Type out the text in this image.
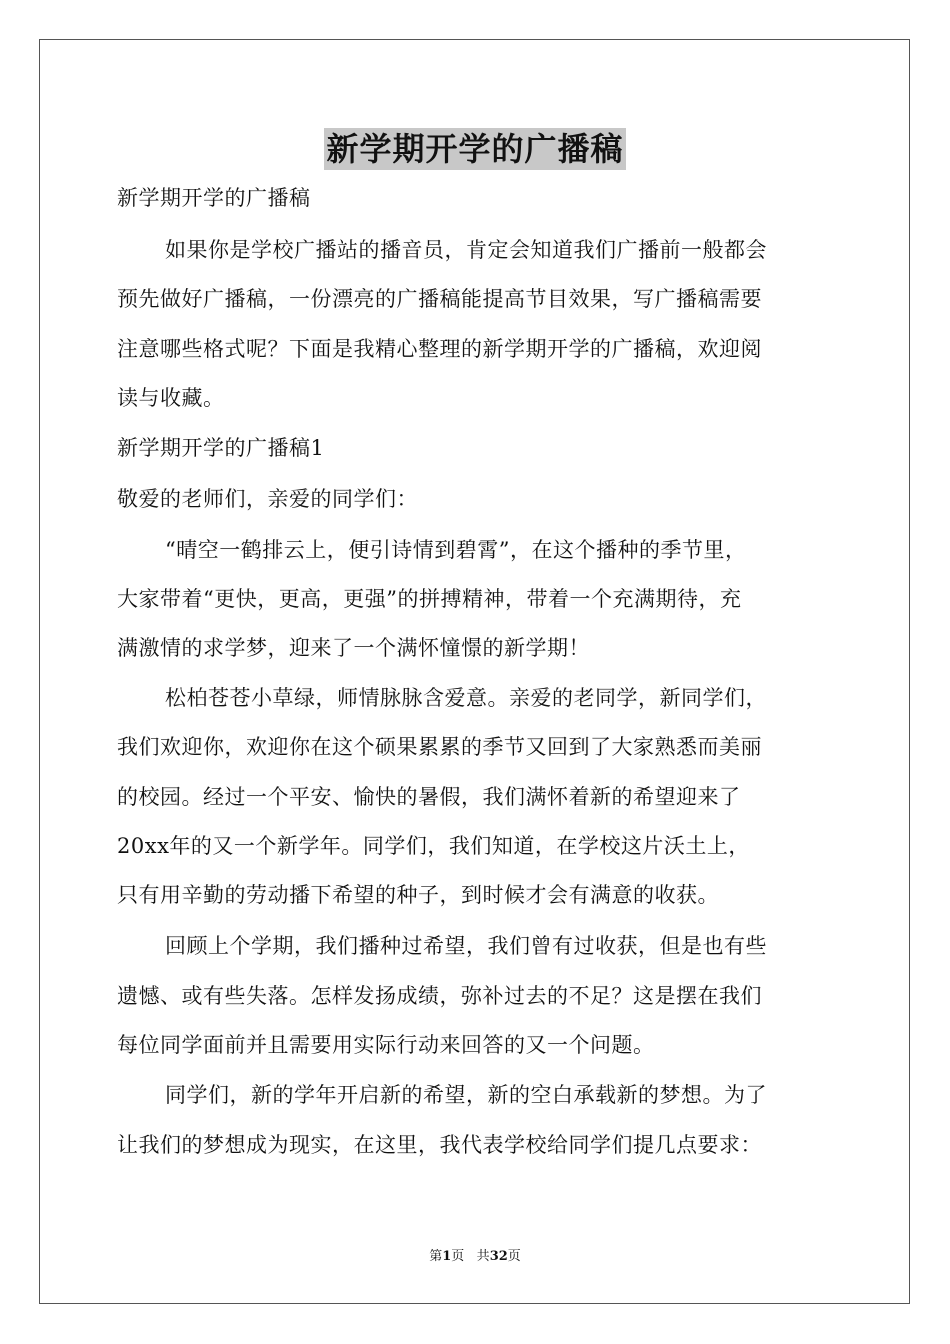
新学期开学的广播稿
新学期开学的广播稿
如果你是学校广播站的播音员，肯定会知道我们广播前一般都会
预先做好广播稿，一份漂亮的广播稿能提高节目效果，写广播稿需要
注意哪些格式呢？下面是我精心整理的新学期开学的广播稿，欢迎阅
读与收藏。
新学期开学的广播稿1
敬爱的老师们，亲爱的同学们：
“晴空一鹤排云上，便引诗情到碧霄”，在这个播种的季节里，
大家带着“更快，更高，更强”的拼搏精神，带着一个充满期待，充
满激情的求学梦，迎来了一个满怀憧憬的新学期！
松柏苍苍小草绿，师情脉脉含爱意。亲爱的老同学，新同学们，
我们欢迎你，欢迎你在这个硕果累累的季节又回到了大家熟悉而美丽
的校园。经过一个平安、愉快的暑假，我们满怀着新的希望迎来了
20xx年的又一个新学年。同学们，我们知道，在学校这片沃土上，
只有用辛勤的劳动播下希望的种子，到时候才会有满意的收获。
回顾上个学期，我们播种过希望，我们曾有过收获，但是也有些
遗憾、或有些失落。怎样发扬成绩，弥补过去的不足？这是摆在我们
每位同学面前并且需要用实际行动来回答的又一个问题。
同学们，新的学年开启新的希望，新的空白承载新的梦想。为了
让我们的梦想成为现实，在这里，我代表学校给同学们提几点要求：
第1页 共32页
